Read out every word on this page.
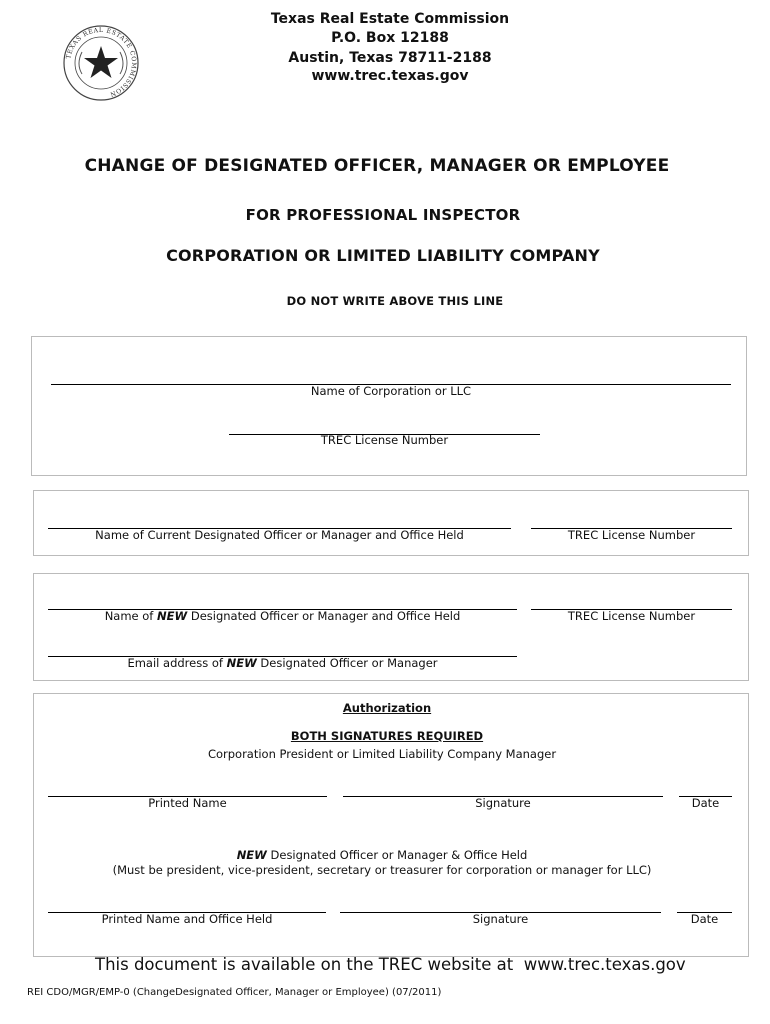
TEXAS REAL ESTATE COMMISSION
Texas Real Estate Commission
P.O. Box 12188
Austin, Texas 78711-2188
www.trec.texas.gov
CHANGE OF DESIGNATED OFFICER, MANAGER OR EMPLOYEE
FOR PROFESSIONAL INSPECTOR
CORPORATION OR LIMITED LIABILITY COMPANY
DO NOT WRITE ABOVE THIS LINE
Name of Corporation or LLC
TREC License Number
Name of Current Designated Officer or Manager and Office Held	TREC License Number
Name of NEW Designated Officer or Manager and Office Held	TREC License Number
Email address of NEW Designated Officer or Manager
Authorization
BOTH SIGNATURES REQUIRED
Corporation President or Limited Liability Company Manager
Printed Name	Signature	Date
NEW Designated Officer or Manager & Office Held
(Must be president, vice-president, secretary or treasurer for corporation or manager for LLC)
Printed Name and Office Held	Signature	Date
This document is available on the TREC website at  www.trec.texas.gov
REI CDO/MGR/EMP-0 (ChangeDesignated Officer, Manager or Employee) (07/2011)
